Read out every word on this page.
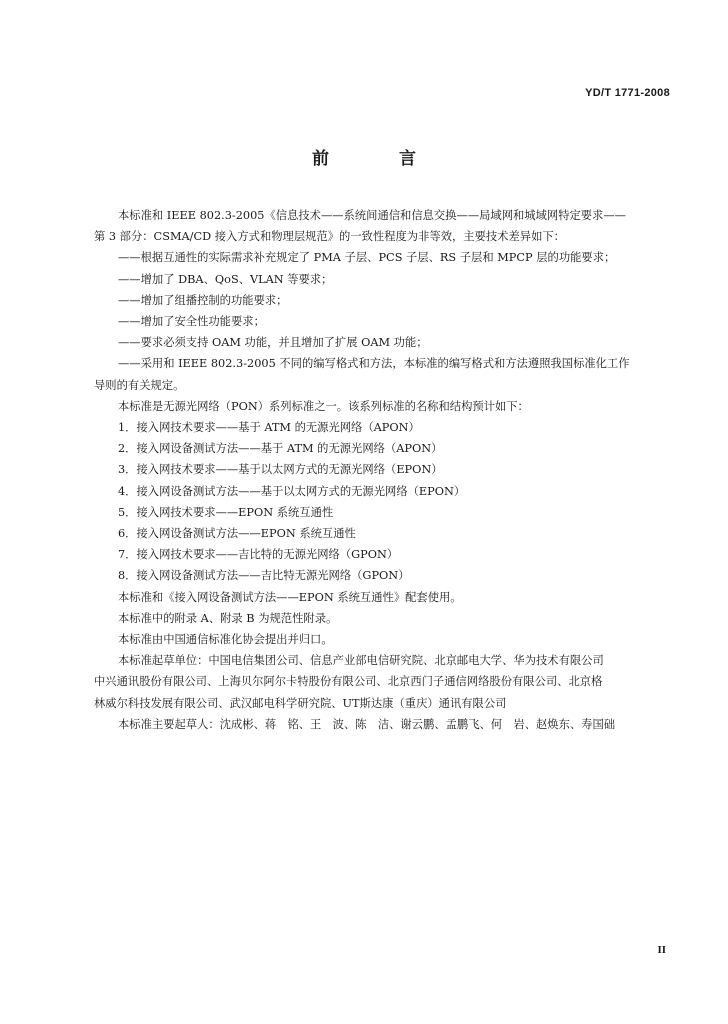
YD/T 1771-2008
前 言

本标准和 IEEE 802.3-2005《信息技术——系统间通信和信息交换——局域网和城域网特定要求——

第 3 部分：CSMA/CD 接入方式和物理层规范》的一致性程度为非等效，主要技术差异如下：

——根据互通性的实际需求补充规定了 PMA 子层、PCS 子层、RS 子层和 MPCP 层的功能要求；

——增加了 DBA、QoS、VLAN 等要求；

——增加了组播控制的功能要求；

——增加了安全性功能要求；

——要求必须支持 OAM 功能，并且增加了扩展 OAM 功能；

——采用和 IEEE 802.3-2005 不同的编写格式和方法，本标准的编写格式和方法遵照我国标准化工作

导则的有关规定。

本标准是无源光网络（PON）系列标准之一。该系列标准的名称和结构预计如下：

1．接入网技术要求——基于 ATM 的无源光网络（APON）

2．接入网设备测试方法——基于 ATM 的无源光网络（APON）

3．接入网技术要求——基于以太网方式的无源光网络（EPON）

4．接入网设备测试方法——基于以太网方式的无源光网络（EPON）

5．接入网技术要求——EPON 系统互通性

6．接入网设备测试方法——EPON 系统互通性

7．接入网技术要求——吉比特的无源光网络（GPON）

8．接入网设备测试方法——吉比特无源光网络（GPON）

本标准和《接入网设备测试方法——EPON 系统互通性》配套使用。

本标准中的附录 A、附录 B 为规范性附录。

本标准由中国通信标准化协会提出并归口。

本标准起草单位：中国电信集团公司、信息产业部电信研究院、北京邮电大学、华为技术有限公司

中兴通讯股份有限公司、上海贝尔阿尔卡特股份有限公司、北京西门子通信网络股份有限公司、北京格

林威尔科技发展有限公司、武汉邮电科学研究院、UT斯达康（重庆）通讯有限公司

本标准主要起草人：沈成彬、蒋　铭、王　波、陈　洁、谢云鹏、孟鹏飞、何　岩、赵焕东、寿国础

II
